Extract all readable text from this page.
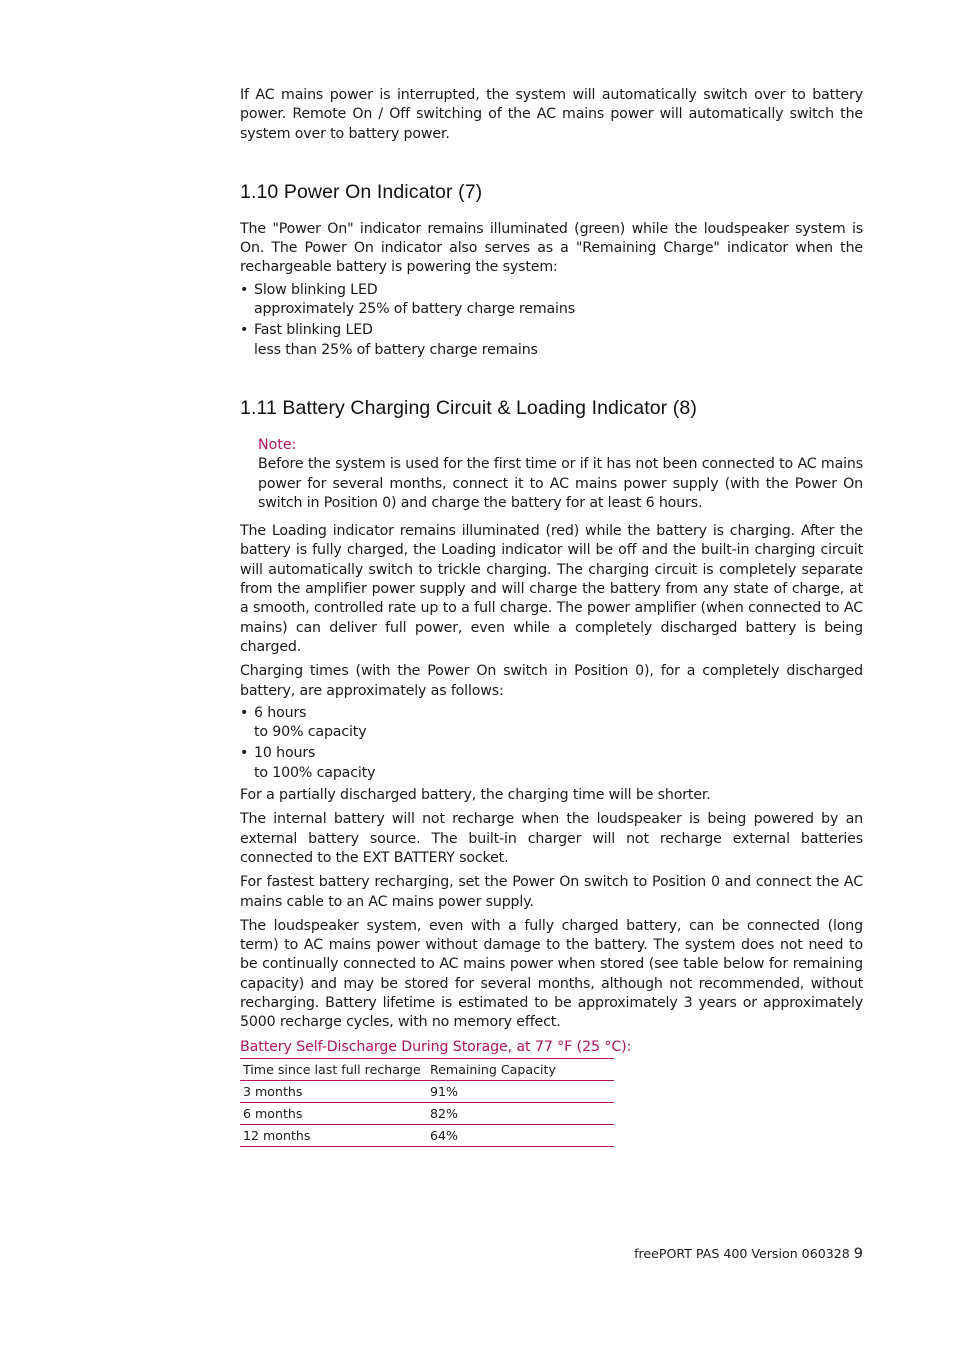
If AC mains power is interrupted, the system will automatically switch over to battery power. Remote On / Off switching of the AC mains power will automatically switch the system over to battery power.

1.10 Power On Indicator (7)

The "Power On" indicator remains illuminated (green) while the loudspeaker system is On. The Power On indicator also serves as a "Remaining Charge" indicator when the rechargeable battery is powering the system:

• Slow blinking LED
approximately 25% of battery charge remains
• Fast blinking LED
less than 25% of battery charge remains
1.11 Battery Charging Circuit & Loading Indicator (8)
Note:

Before the system is used for the first time or if it has not been connected to AC mains power for several months, connect it to AC mains power supply (with the Power On switch in Position 0) and charge the battery for at least 6 hours.

The Loading indicator remains illuminated (red) while the battery is charging. After the battery is fully charged, the Loading indicator will be off and the built-in charging circuit will automatically switch to trickle charging. The charging circuit is completely separate from the amplifier power supply and will charge the battery from any state of charge, at a smooth, controlled rate up to a full charge. The power amplifier (when connected to AC mains) can deliver full power, even while a completely discharged battery is being charged.

Charging times (with the Power On switch in Position 0), for a completely discharged battery, are approximately as follows:

• 6 hours
to 90% capacity
• 10 hours
to 100% capacity

For a partially discharged battery, the charging time will be shorter.

The internal battery will not recharge when the loudspeaker is being powered by an external battery source. The built-in charger will not recharge external batteries connected to the EXT BATTERY socket.

For fastest battery recharging, set the Power On switch to Position 0 and connect the AC mains cable to an AC mains power supply.

The loudspeaker system, even with a fully charged battery, can be connected (long term) to AC mains power without damage to the battery. The system does not need to be continually connected to AC mains power when stored (see table below for remaining capacity) and may be stored for several months, although not recommended, without recharging. Battery lifetime is estimated to be approximately 3 years or approximately 5000 recharge cycles, with no memory effect.

Battery Self-Discharge During Storage, at 77 °F (25 °C):
Time since last full recharge	Remaining Capacity
3 months	91%
6 months	82%
12 months	64%
freePORT PAS 400 Version 060328 9
